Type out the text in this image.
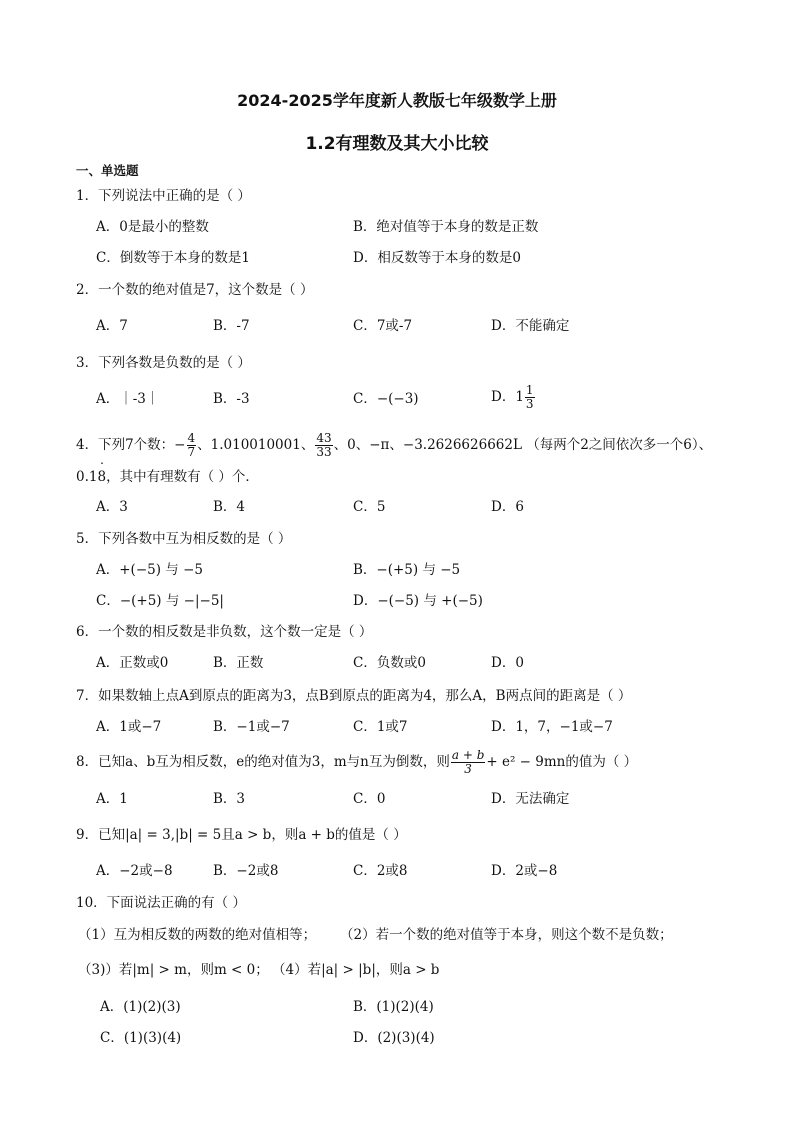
2024-2025学年度新人教版七年级数学上册
1.2有理数及其大小比较
一、单选题
1．下列说法中正确的是（ ）
A．0是最小的整数	B．绝对值等于本身的数是正数
C．倒数等于本身的数是1	D．相反数等于本身的数是0
2．一个数的绝对值是7，这个数是（ ）
A．7	B．-7	C．7或-7	D．不能确定
3．下列各数是负数的是（ ）
A．｜-3｜	B．-3	C．−(−3)	D．$1 \frac{1}{3}$
4．下列7个数：− $\frac{4}{7}$ 、1.010010001、 $\frac{43}{33}$ 、0、−π、−3.2626626662L （每两个2之间依次多一个6）、
0.1˙ 8，其中有理数有（ ）个．
A．3	B．4	C．5	D．6
5．下列各数中互为相反数的是（ ）
A．+(−5) 与 −5	B．−(+5) 与 −5
C．−(+5) 与 −|−5|	D．−(−5) 与 +(−5)
6．一个数的相反数是非负数，这个数一定是（ ）
A．正数或0	B．正数	C．负数或0	D．0
7．如果数轴上点A到原点的距离为3，点B到原点的距离为4，那么A，B两点间的距离是（ ）
A．1或−7	B．−1或−7	C．1或7	D．1，7，−1或−7
8．已知a、b互为相反数，e的绝对值为3，m与n互为倒数，则 $\frac{a + b}{3} + e^2 - 9mn$的值为（ ）
A．1	B．3	C．0	D．无法确定
9．已知|a| = 3,|b| = 5且a > b，则a + b的值是（ ）
A．−2或−8	B．−2或8	C．2或8	D．2或−8
10．下面说法正确的有（ ）
（1）互为相反数的两数的绝对值相等； （2）若一个数的绝对值等于本身，则这个数不是负数；
（3)）若|m| > m，则m < 0； （4）若|a| > |b|，则a > b
A．(1)(2)(3)	B．(1)(2)(4)
C．(1)(3)(4)	D．(2)(3)(4)
